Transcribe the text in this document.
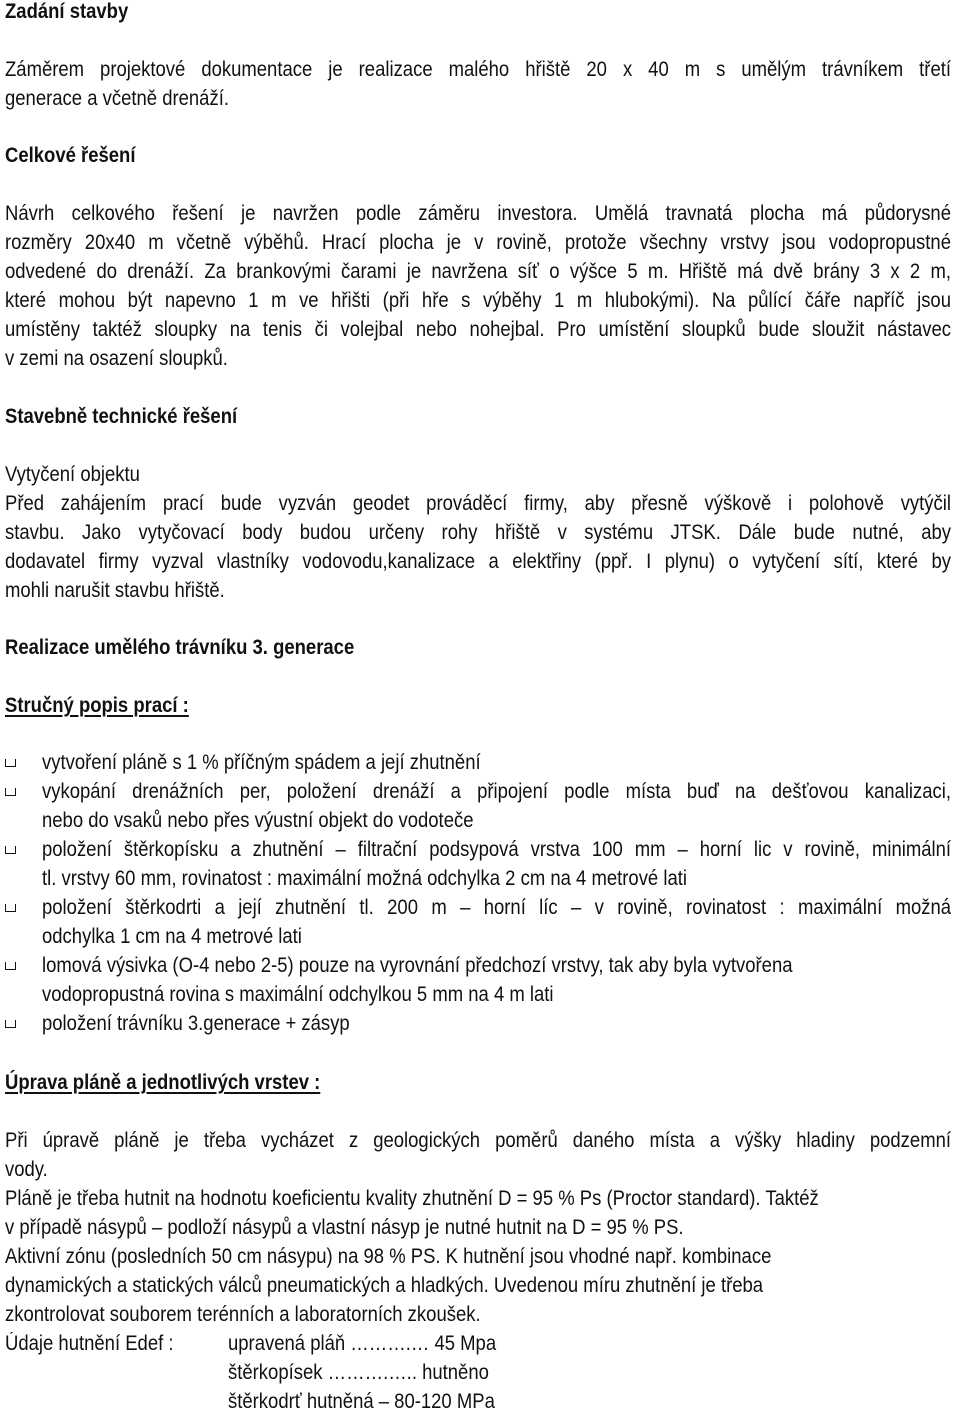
Zadání stavby
Záměrem projektové dokumentace je realizace malého hřiště 20 x 40 m s umělým trávníkem třetí
generace a včetně drenáží.
Celkové řešení
Návrh celkového řešení je navržen podle záměru investora. Umělá travnatá plocha má půdorysné
rozměry 20x40 m včetně výběhů. Hrací plocha je v rovině, protože všechny vrstvy jsou vodopropustné
odvedené do drenáží. Za brankovými čarami je navržena síť o výšce 5 m. Hřiště má dvě brány 3 x 2 m,
které mohou být napevno 1 m ve hřišti (při hře s výběhy 1 m hlubokými). Na půlící čáře napříč jsou
umístěny taktéž sloupky na tenis či volejbal nebo nohejbal. Pro umístění sloupků bude sloužit nástavec
v zemi na osazení sloupků.
Stavebně technické řešení
Vytyčení objektu
Před zahájením prací bude vyzván geodet prováděcí firmy, aby přesně výškově i polohově vytýčil
stavbu. Jako vytyčovací body budou určeny rohy hřiště v systému JTSK. Dále bude nutné, aby
dodavatel firmy vyzval vlastníky vodovodu,kanalizace a elektřiny (ppř. I plynu) o vytyčení sítí, které by
mohli narušit stavbu hřiště.
Realizace umělého trávníku 3. generace
Stručný popis prací :
vytvoření pláně s 1 % příčným spádem a její zhutnění
vykopání drenážních per, položení drenáží a připojení podle místa buď na dešťovou kanalizaci,
nebo do vsaků nebo přes výustní objekt do vodoteče
položení štěrkopísku a zhutnění – filtrační podsypová vrstva 100 mm – horní lic v rovině, minimální
tl. vrstvy 60 mm, rovinatost : maximální možná odchylka 2 cm na 4 metrové lati
položení štěrkodrti a její zhutnění tl. 200 m – horní líc – v rovině, rovinatost : maximální možná
odchylka 1 cm na 4 metrové lati
lomová výsivka (O-4 nebo 2-5) pouze na vyrovnání předchozí vrstvy, tak aby byla vytvořena
vodopropustná rovina s maximální odchylkou 5 mm na 4 m lati
položení trávníku 3.generace + zásyp
Úprava pláně a jednotlivých vrstev :
Při úpravě pláně je třeba vycházet z geologických poměrů daného místa a výšky hladiny podzemní
vody.
Pláně je třeba hutnit na hodnotu koeficientu kvality zhutnění D = 95 % Ps (Proctor standard). Taktéž
v případě násypů – podloží násypů a vlastní násyp je nutné hutnit na D = 95 % PS.
Aktivní zónu (posledních 50 cm násypu) na 98 % PS. K hutnění jsou vhodné např. kombinace
dynamických a statických válců pneumatických a hladkých. Uvedenou míru zhutnění je třeba
zkontrolovat souborem terénních a laboratorních zkoušek.
Údaje hutnění Edef :	upravená pláň ……….… 45 Mpa
štěrkopísek ……….….. hutněno
štěrkodrť hutněná – 80-120 MPa
